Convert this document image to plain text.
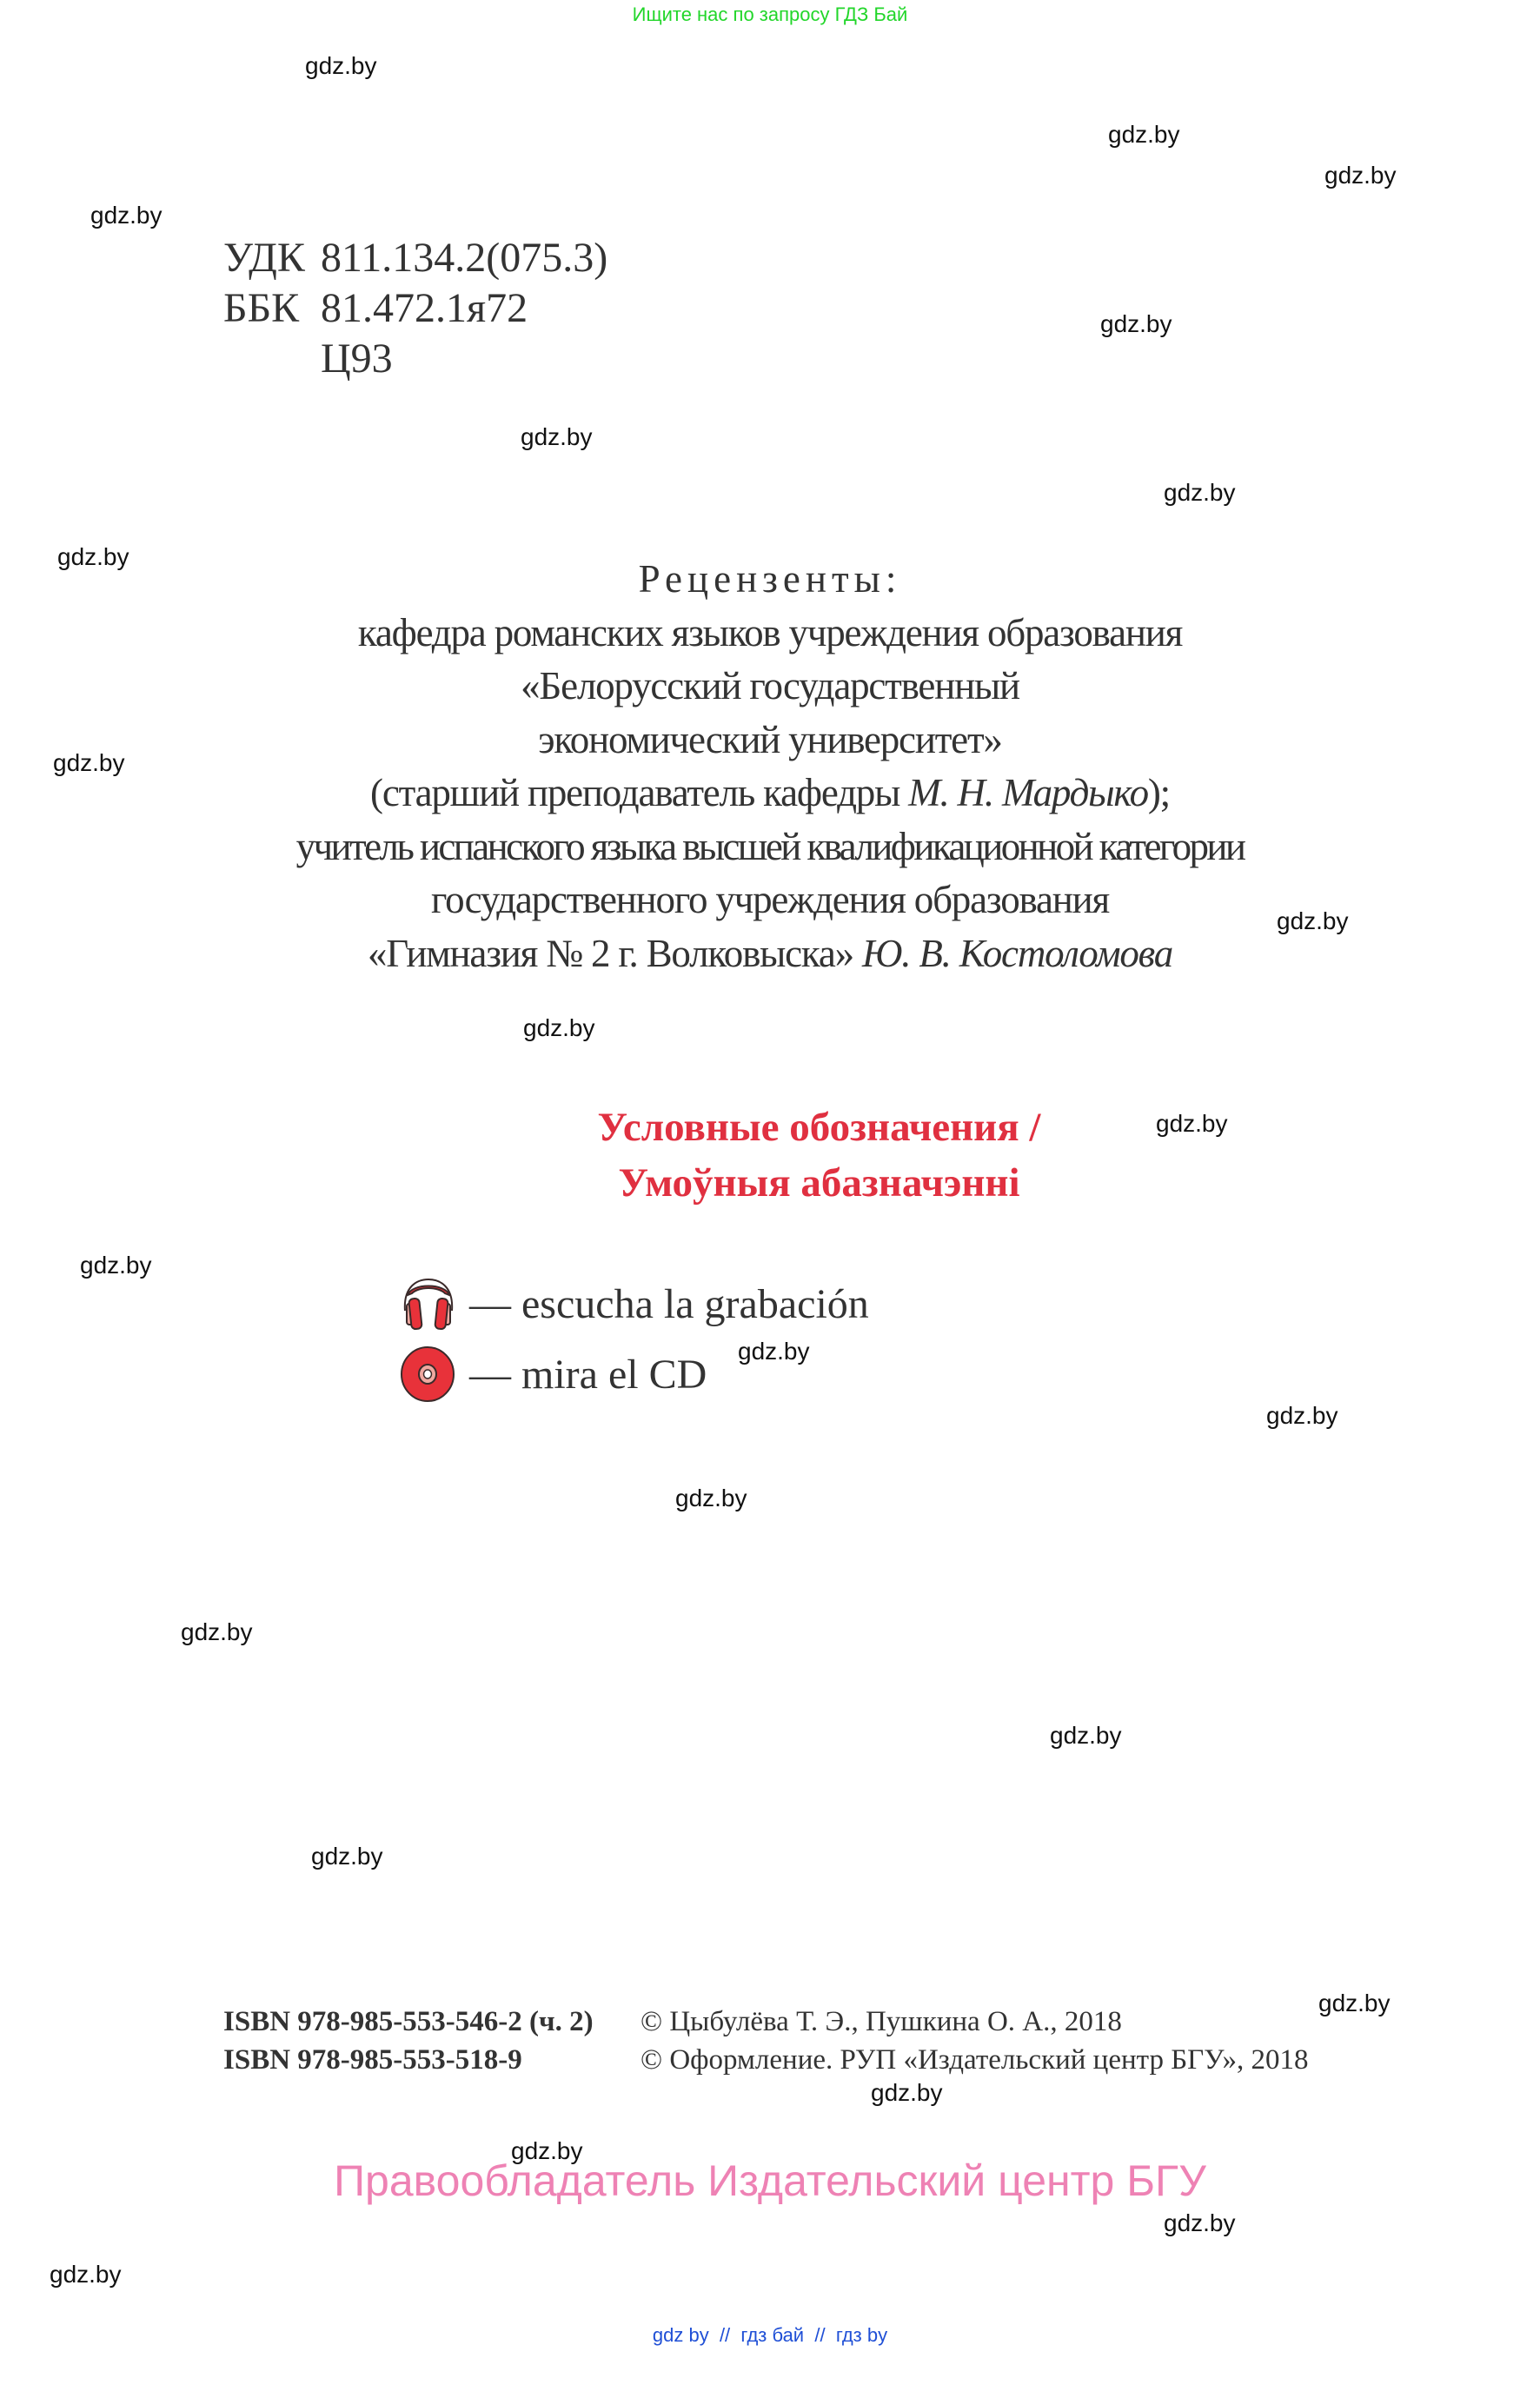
Ищите нас по запросу ГДЗ Бай
УДК 811.134.2(075.3)
ББК 81.472.1я72
Ц93
Рецензенты:
кафедра романских языков учреждения образования
«Белорусский государственный
экономический университет»
(старший преподаватель кафедры М. Н. Мардыко);
учитель испанского языка высшей квалификационной категории
государственного учреждения образования
«Гимназия № 2 г. Волковыска» Ю. В. Костоломова
Условные обозначения /
Умоўныя абазначэнні
— escucha la grabación
— mira el CD
ISBN 978-985-553-546-2 (ч. 2) © Цыбулёва Т. Э., Пушкина О. А., 2018
ISBN 978-985-553-518-9	© Оформление. РУП «Издательский центр БГУ», 2018
Правообладатель Издательский центр БГУ
gdz by // гдз бай // гдз by
gdz.by
gdz.by
gdz.by
gdz.by
gdz.by
gdz.by
gdz.by
gdz.by
gdz.by
gdz.by
gdz.by
gdz.by
gdz.by
gdz.by
gdz.by
gdz.by
gdz.by
gdz.by
gdz.by
gdz.by
gdz.by
gdz.by
gdz.by
gdz.by
